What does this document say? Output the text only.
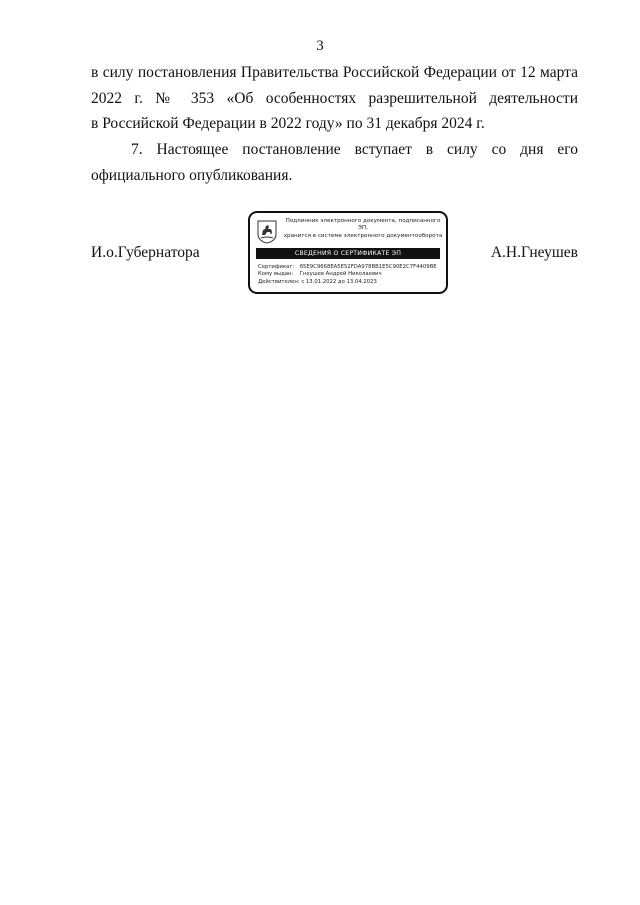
3
в силу постановления Правительства Российской Федерации от 12 марта
2022 г. № 353 «Об особенностях разрешительной деятельности
в Российской Федерации в 2022 году» по 31 декабря 2024 г.
7. Настоящее постановление вступает в силу со дня его
официального опубликования.
И.о.Губернатора	А.Н.Гнеушев
Подлинник электронного документа, подписанного ЭП,
хранится в системе электронного документооборота
СВЕДЕНИЯ О СЕРТИФИКАТЕ ЭП
Сертификат: 65E9C9668EA5E52FDA978BB1E5C90E2C7F4409BE
Кому выдан: Гнеушев Андрей Николаевич
Действителен: с 13.01.2022 до 13.04.2023
